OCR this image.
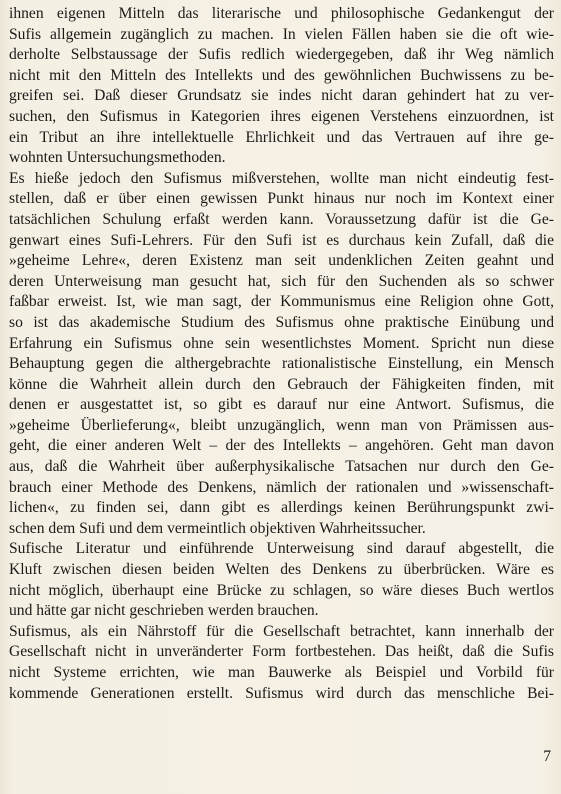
ihnen eigenen Mitteln das literarische und philosophische Gedankengut der
Sufis allgemein zugänglich zu machen. In vielen Fällen haben sie die oft wie-
derholte Selbstaussage der Sufis redlich wiedergegeben, daß ihr Weg nämlich
nicht mit den Mitteln des Intellekts und des gewöhnlichen Buchwissens zu be-
greifen sei. Daß dieser Grundsatz sie indes nicht daran gehindert hat zu ver-
suchen, den Sufismus in Kategorien ihres eigenen Verstehens einzuordnen, ist
ein Tribut an ihre intellektuelle Ehrlichkeit und das Vertrauen auf ihre ge-
wohnten Untersuchungsmethoden.
Es hieße jedoch den Sufismus mißverstehen, wollte man nicht eindeutig fest-
stellen, daß er über einen gewissen Punkt hinaus nur noch im Kontext einer
tatsächlichen Schulung erfaßt werden kann. Voraussetzung dafür ist die Ge-
genwart eines Sufi-Lehrers. Für den Sufi ist es durchaus kein Zufall, daß die
»geheime Lehre«, deren Existenz man seit undenklichen Zeiten geahnt und
deren Unterweisung man gesucht hat, sich für den Suchenden als so schwer
faßbar erweist. Ist, wie man sagt, der Kommunismus eine Religion ohne Gott,
so ist das akademische Studium des Sufismus ohne praktische Einübung und
Erfahrung ein Sufismus ohne sein wesentlichstes Moment. Spricht nun diese
Behauptung gegen die althergebrachte rationalistische Einstellung, ein Mensch
könne die Wahrheit allein durch den Gebrauch der Fähigkeiten finden, mit
denen er ausgestattet ist, so gibt es darauf nur eine Antwort. Sufismus, die
»geheime Überlieferung«, bleibt unzugänglich, wenn man von Prämissen aus-
geht, die einer anderen Welt – der des Intellekts – angehören. Geht man davon
aus, daß die Wahrheit über außerphysikalische Tatsachen nur durch den Ge-
brauch einer Methode des Denkens, nämlich der rationalen und »wissenschaft-
lichen«, zu finden sei, dann gibt es allerdings keinen Berührungspunkt zwi-
schen dem Sufi und dem vermeintlich objektiven Wahrheitssucher.
Sufische Literatur und einführende Unterweisung sind darauf abgestellt, die
Kluft zwischen diesen beiden Welten des Denkens zu überbrücken. Wäre es
nicht möglich, überhaupt eine Brücke zu schlagen, so wäre dieses Buch wertlos
und hätte gar nicht geschrieben werden brauchen.
Sufismus, als ein Nährstoff für die Gesellschaft betrachtet, kann innerhalb der
Gesellschaft nicht in unveränderter Form fortbestehen. Das heißt, daß die Sufis
nicht Systeme errichten, wie man Bauwerke als Beispiel und Vorbild für
kommende Generationen erstellt. Sufismus wird durch das menschliche Bei-
7
